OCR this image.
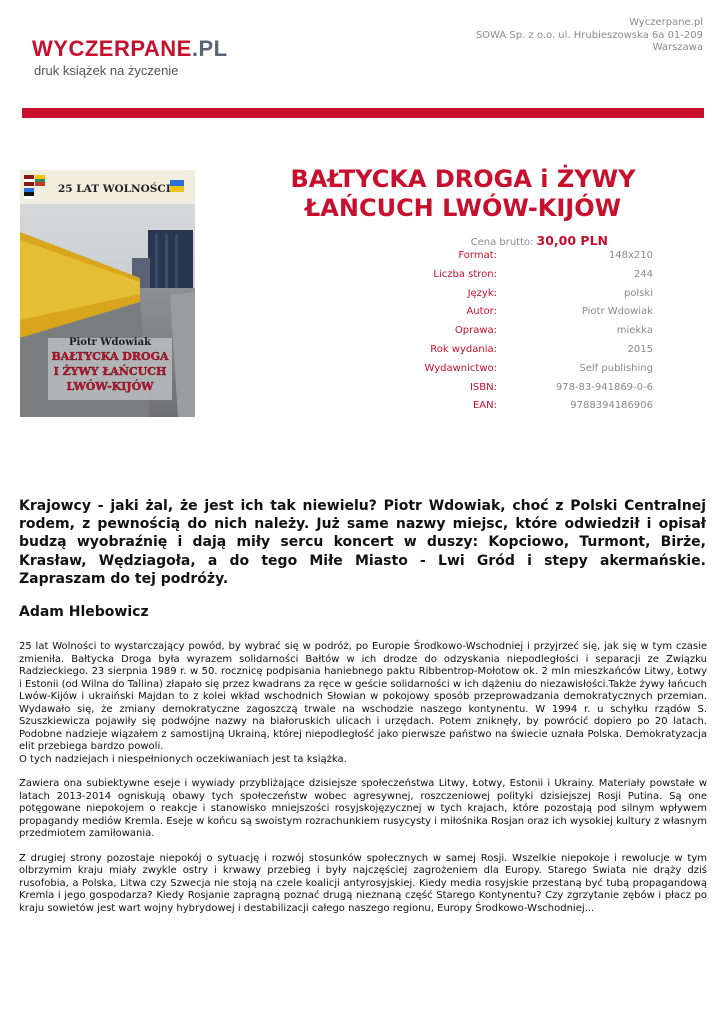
WYCZERPANE.PL
druk książek na życzenie
Wyczerpane.pl
SOWA Sp. z o.o. ul. Hrubieszowska 6a 01-209
Warszawa
25 LAT WOLNOŚCI
Piotr Wdowiak
BAŁTYCKA DROGA
I ŻYWY ŁAŃCUCH
LWÓW-KIJÓW
BAŁTYCKA DROGA i ŻYWY
ŁAŃCUCH LWÓW-KIJÓW
Cena brutto: 30,00 PLN
Format:	148x210
Liczba stron:	244
Język:	polski
Autor:	Piotr Wdowiak
Oprawa:	miekka
Rok wydania:	2015
Wydawnictwo:	Self publishing
ISBN:	978-83-941869-0-6
EAN:	9788394186906
Krajowcy - jaki żal, że jest ich tak niewielu? Piotr Wdowiak, choć z Polski Centralnej rodem, z pewnością do nich należy. Już same nazwy miejsc, które odwiedził i opisał budzą wyobraźnię i dają miły sercu koncert w duszy: Kopciowo, Turmont, Birże, Krasław, Wędziagoła, a do tego Miłe Miasto - Lwi Gród i stepy akermańskie. Zapraszam do tej podróży.
Adam Hlebowicz

25 lat Wolności to wystarczający powód, by wybrać się w podróż, po Europie Środkowo-Wschodniej i przyjrzeć się, jak się w tym czasie zmieniła. Bałtycka Droga była wyrazem solidarności Bałtów w ich drodze do odzyskania niepodległości i separacji ze Związku Radzieckiego. 23 sierpnia 1989 r. w 50. rocznicę podpisania haniebnego paktu Ribbentrop-Mołotow ok. 2 mln mieszkańców Litwy, Łotwy i Estonii (od Wilna do Tallina) złapało się przez kwadrans za ręce w geście solidarności w ich dążeniu do niezawisłości.Także żywy łańcuch Lwów-Kijów i ukraiński Majdan to z kolei wkład wschodnich Słowian w pokojowy sposób przeprowadzania demokratycznych przemian. Wydawało się, że zmiany demokratyczne zagoszczą trwale na wschodzie naszego kontynentu. W 1994 r. u schyłku rządów S. Szuszkiewicza pojawiły się podwójne nazwy na białoruskich ulicach i urzędach. Potem zniknęły, by powrócić dopiero po 20 latach. Podobne nadzieje wiązałem z samostijną Ukrainą, której niepodległość jako pierwsze państwo na świecie uznała Polska. Demokratyzacja elit przebiega bardzo powoli.
O tych nadziejach i niespełnionych oczekiwaniach jest ta książka.

Zawiera ona subiektywne eseje i wywiady przybliżające dzisiejsze społeczeństwa Litwy, Łotwy, Estonii i Ukrainy. Materiały powstałe w latach 2013-2014 ogniskują obawy tych społeczeństw wobec agresywnej, roszczeniowej polityki dzisiejszej Rosji Putina. Są one potęgowane niepokojem o reakcje i stanowisko mniejszości rosyjskojęzycznej w tych krajach, które pozostają pod silnym wpływem propagandy mediów Kremla. Eseje w końcu są swoistym rozrachunkiem rusycysty i miłośnika Rosjan oraz ich wysokiej kultury z własnym przedmiotem zamiłowania.

Z drugiej strony pozostaje niepokój o sytuację i rozwój stosunków społecznych w samej Rosji. Wszelkie niepokoje i rewolucje w tym olbrzymim kraju miały zwykle ostry i krwawy przebieg i były najczęściej zagrożeniem dla Europy. Starego Świata nie drąży dziś rusofobia, a Polska, Litwa czy Szwecja nie stoją na czele koalicji antyrosyjskiej. Kiedy media rosyjskie przestaną być tubą propagandową Kremla i jego gospodarza? Kiedy Rosjanie zapragną poznać drugą nieznaną część Starego Kontynentu? Czy zgrzytanie zębów i płacz po kraju sowietów jest wart wojny hybrydowej i destabilizacji całego naszego regionu, Europy Środkowo-Wschodniej...
